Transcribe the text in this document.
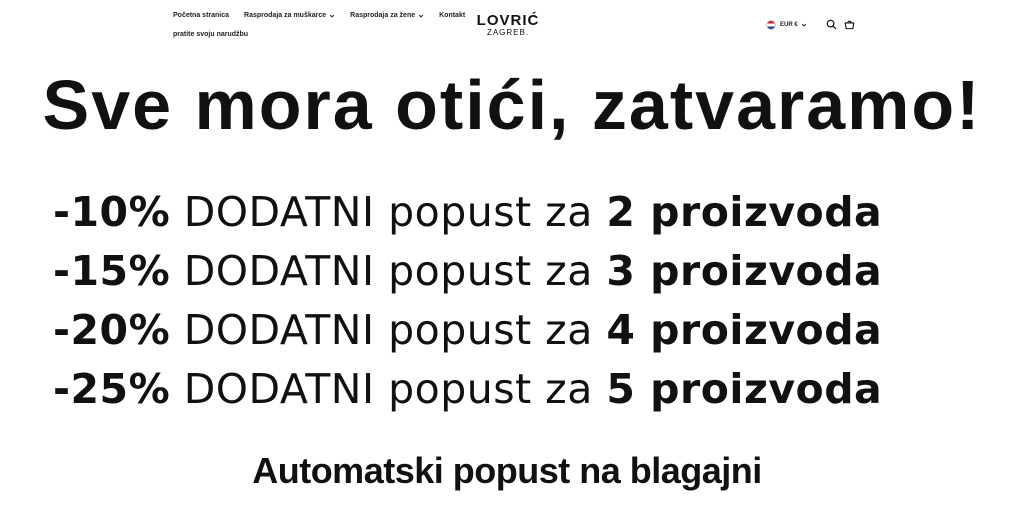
Početna stranica Rasprodaja za muškarce	Rasprodaja za žene	Kontakt
pratite svoju narudžbu
LOVRIĆ
ZAGREB.
EUR €
Sve mora otići, zatvaramo!
-10% DODATNI popust za 2 proizvoda
-15% DODATNI popust za 3 proizvoda
-20% DODATNI popust za 4 proizvoda
-25% DODATNI popust za 5 proizvoda
Automatski popust na blagajni
